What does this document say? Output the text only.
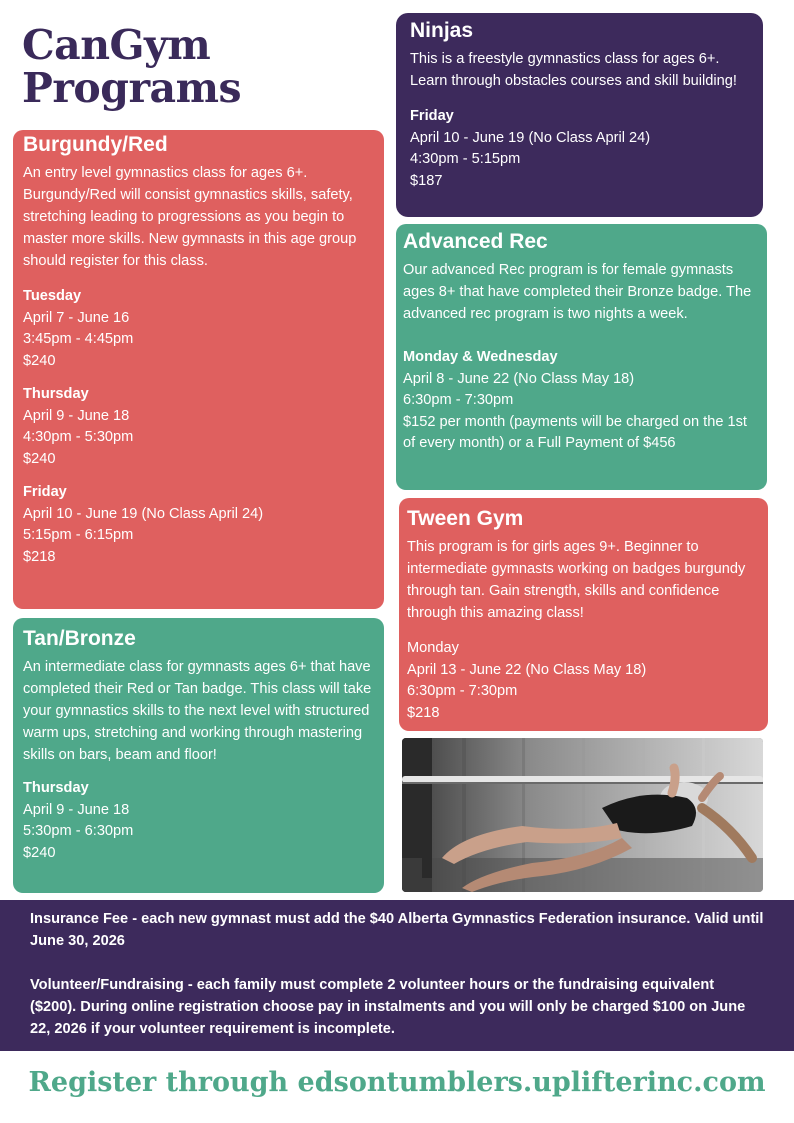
CanGym
Programs
Burgundy/Red

An entry level gymnastics class for ages 6+. Burgundy/Red will consist gymnastics skills, safety, stretching leading to progressions as you begin to master more skills. New gymnasts in this age group should register for this class.

Tuesday
April 7 - June 16
3:45pm - 4:45pm
$240
Thursday
April 9 - June 18
4:30pm - 5:30pm
$240
Friday
April 10 - June 19 (No Class April 24)
5:15pm - 6:15pm
$218
Tan/Bronze

An intermediate class for gymnasts ages 6+ that have completed their Red or Tan badge. This class will take your gymnastics skills to the next level with structured warm ups, stretching and working through mastering skills on bars, beam and floor!

Thursday
April 9 - June 18
5:30pm - 6:30pm
$240
Ninjas

This is a freestyle gymnastics class for ages 6+. Learn through obstacles courses and skill building!

Friday
April 10 - June 19 (No Class April 24)
4:30pm - 5:15pm
$187
Advanced Rec

Our advanced Rec program is for female gymnasts ages 8+ that have completed their Bronze badge. The advanced rec program is two nights a week.

Monday & Wednesday
April 8 - June 22 (No Class May 18)
6:30pm - 7:30pm
$152 per month (payments will be charged on the 1st of every month) or a Full Payment of $456
Tween Gym

This program is for girls ages 9+. Beginner to intermediate gymnasts working on badges burgundy through tan. Gain strength, skills and confidence through this amazing class!

Monday
April 13 - June 22 (No Class May 18)
6:30pm - 7:30pm
$218

Insurance Fee - each new gymnast must add the $40 Alberta Gymnastics Federation insurance. Valid until June 30, 2026

Volunteer/Fundraising - each family must complete 2 volunteer hours or the fundraising equivalent ($200). During online registration choose pay in instalments and you will only be charged $100 on June 22, 2026 if your volunteer requirement is incomplete.

Register through edsontumblers.uplifterinc.com
